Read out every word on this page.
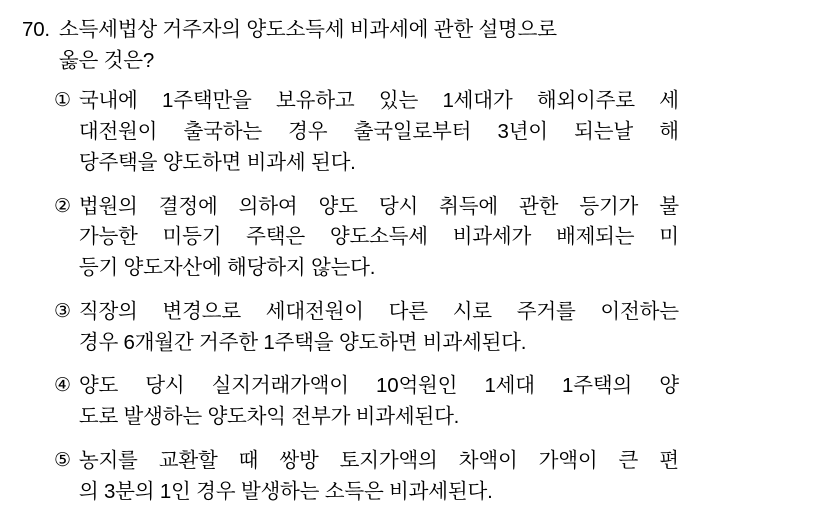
70. 소득세법상 거주자의 양도소득세 비과세에 관한 설명으로
옳은 것은?
① 국내에 1주택만을 보유하고 있는 1세대가 해외이주로 세
대전원이 출국하는 경우 출국일로부터 3년이 되는날 해
당주택을 양도하면 비과세 된다.
② 법원의 결정에 의하여 양도 당시 취득에 관한 등기가 불
가능한 미등기 주택은 양도소득세 비과세가 배제되는 미
등기 양도자산에 해당하지 않는다.
③ 직장의 변경으로 세대전원이 다른 시로 주거를 이전하는
경우 6개월간 거주한 1주택을 양도하면 비과세된다.
④ 양도 당시 실지거래가액이 10억원인 1세대 1주택의 양
도로 발생하는 양도차익 전부가 비과세된다.
⑤ 농지를 교환할 때 쌍방 토지가액의 차액이 가액이 큰 편
의 3분의 1인 경우 발생하는 소득은 비과세된다.
